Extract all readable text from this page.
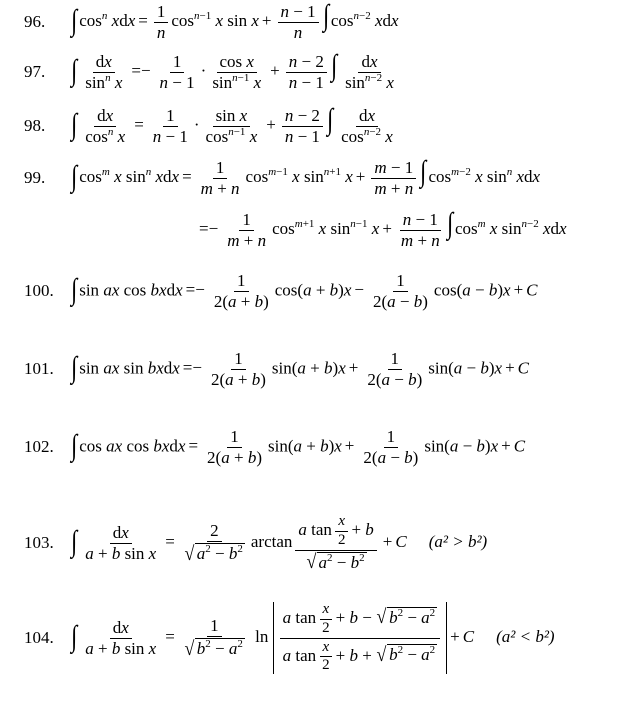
96. ∫ $\cos^n$ xdx = $\frac{1}{n} \cos^{n-1} x$ $\sin x + \frac{n - 1}{n}$ ∫ $\cos^{n-2}$ xdx
97. ∫ $\frac{dx}{\sin^n x} =- \frac{1}{n - 1} \cdot \frac{\text{cos x}}{\sin^{n-1} x} + \frac{n - 2}{n - 1}$ ∫ $\frac{dx}{\sin^{n-2} x}$
98. ∫ $\frac{dx}{\cos^n x} = \frac{1}{n - 1} \cdot \frac{\text{sin x}}{\cos^{n-1} x} + \frac{n - 2}{n - 1}$ ∫ $\frac{dx}{\cos^{n-2} x}$
99. ∫ $\cos^m x$ $\sin^n$ xdx = $\frac{1}{m + n} \cos^{m-1} x$ $\sin^{n+1} x + \frac{m - 1}{m + n}$ ∫ $\cos^{m-2} x$ $\sin^n$ xdx
=− $\frac{1}{m + n} \cos^{m+1} x$ $\sin^{n-1} x + \frac{n - 1}{m + n}$ ∫ $\cos^m x$ $\sin^{n-2}$ xdx
100. ∫ sin ax cos bxdx =− $\frac{1}{2(a + b)} \cos(a + b)x - \frac{1}{2(a - b)} \cos(a - b)x + C$
101. ∫ sin ax sin bxdx =− $\frac{1}{2(a + b)} \sin(a + b)x + \frac{1}{2(a - b)} \sin(a - b)x + C$
102. ∫ cos ax cos bxdx = $\frac{1}{2(a + b)} \sin(a + b)x + \frac{1}{2(a - b)} \sin(a - b)x + C$
103. ∫ $\frac{dx}{\text{a + b sin x}} = \frac{2}{√ a^2 - b^2}$ $\arctan \frac{a \tan \frac{x}{2} + b}{√ a^2 - b^2} + C$ (a² > b²)
104. ∫ $\frac{dx}{\text{a + b sin x}} = \frac{1}{√ b^2 - a^2}$ $\ln \frac{a \tan \frac{x}{2} + b - √ b^2 - a^2}{a \tan \frac{x}{2} + b + √ b^2 - a^2} + C$ (a² < b²)
